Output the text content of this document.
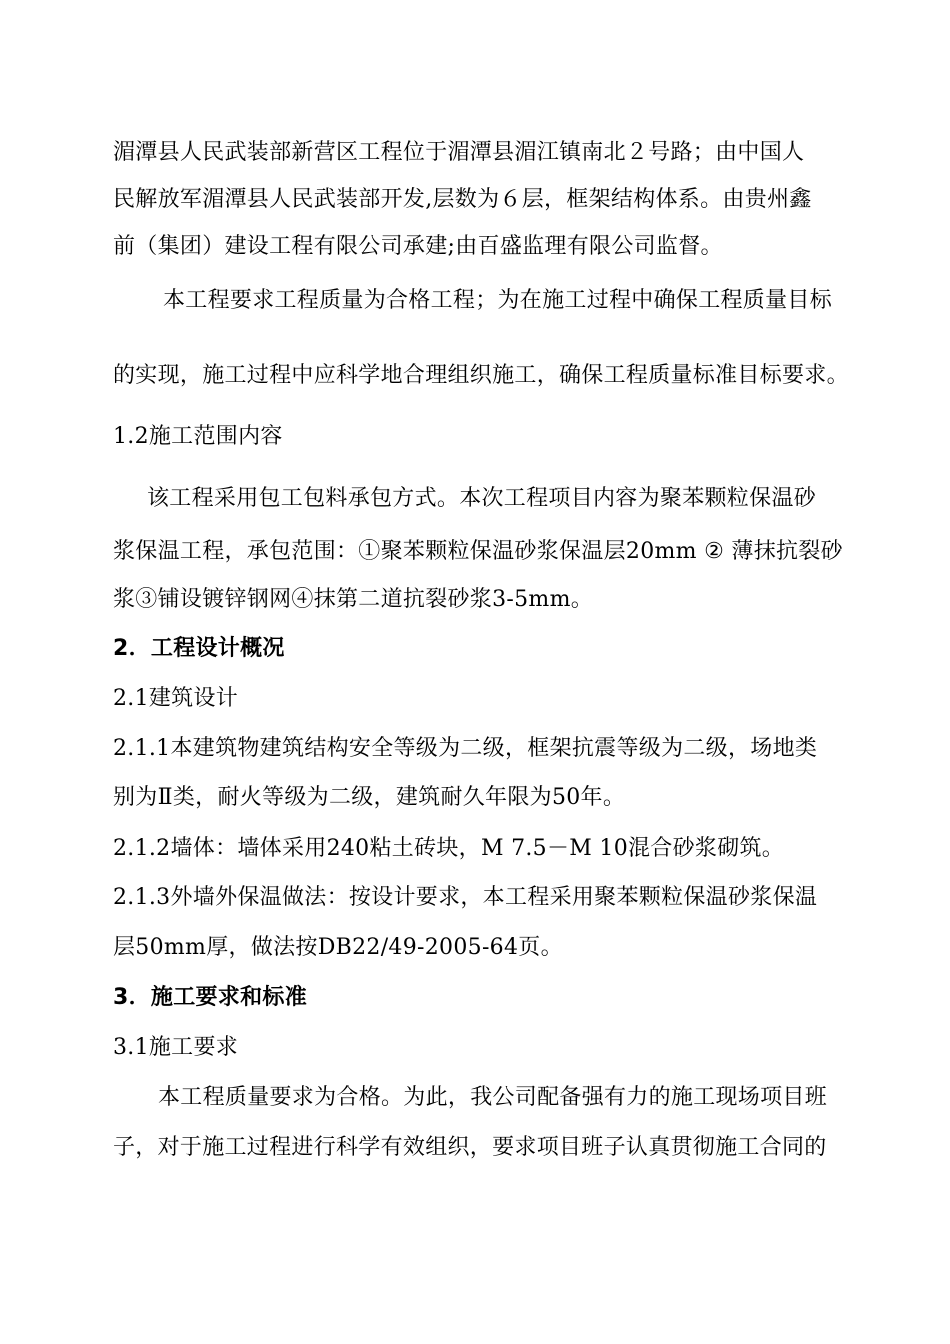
湄潭县人民武装部新营区工程位于湄潭县湄江镇南北２号路；由中国人
民解放军湄潭县人民武装部开发,层数为６层，框架结构体系。由贵州鑫
前（集团）建设工程有限公司承建;由百盛监理有限公司监督。
本工程要求工程质量为合格工程；为在施工过程中确保工程质量目标
的实现，施工过程中应科学地合理组织施工，确保工程质量标准目标要求。
1.2施工范围内容
该工程采用包工包料承包方式。本次工程项目内容为聚苯颗粒保温砂
浆保温工程，承包范围：①聚苯颗粒保温砂浆保温层20mm ② 薄抹抗裂砂
浆③铺设镀锌钢网④抹第二道抗裂砂浆3-5mm。
2．工程设计概况
2.1建筑设计
2.1.1本建筑物建筑结构安全等级为二级，框架抗震等级为二级，场地类
别为Ⅱ类，耐火等级为二级，建筑耐久年限为50年。
2.1.2墙体：墙体采用240粘土砖块，M 7.5－M 10混合砂浆砌筑。
2.1.3外墙外保温做法：按设计要求，本工程采用聚苯颗粒保温砂浆保温
层50mm厚，做法按DB22/49-2005-64页。
3．施工要求和标准
3.1施工要求
本工程质量要求为合格。为此，我公司配备强有力的施工现场项目班
子，对于施工过程进行科学有效组织，要求项目班子认真贯彻施工合同的
